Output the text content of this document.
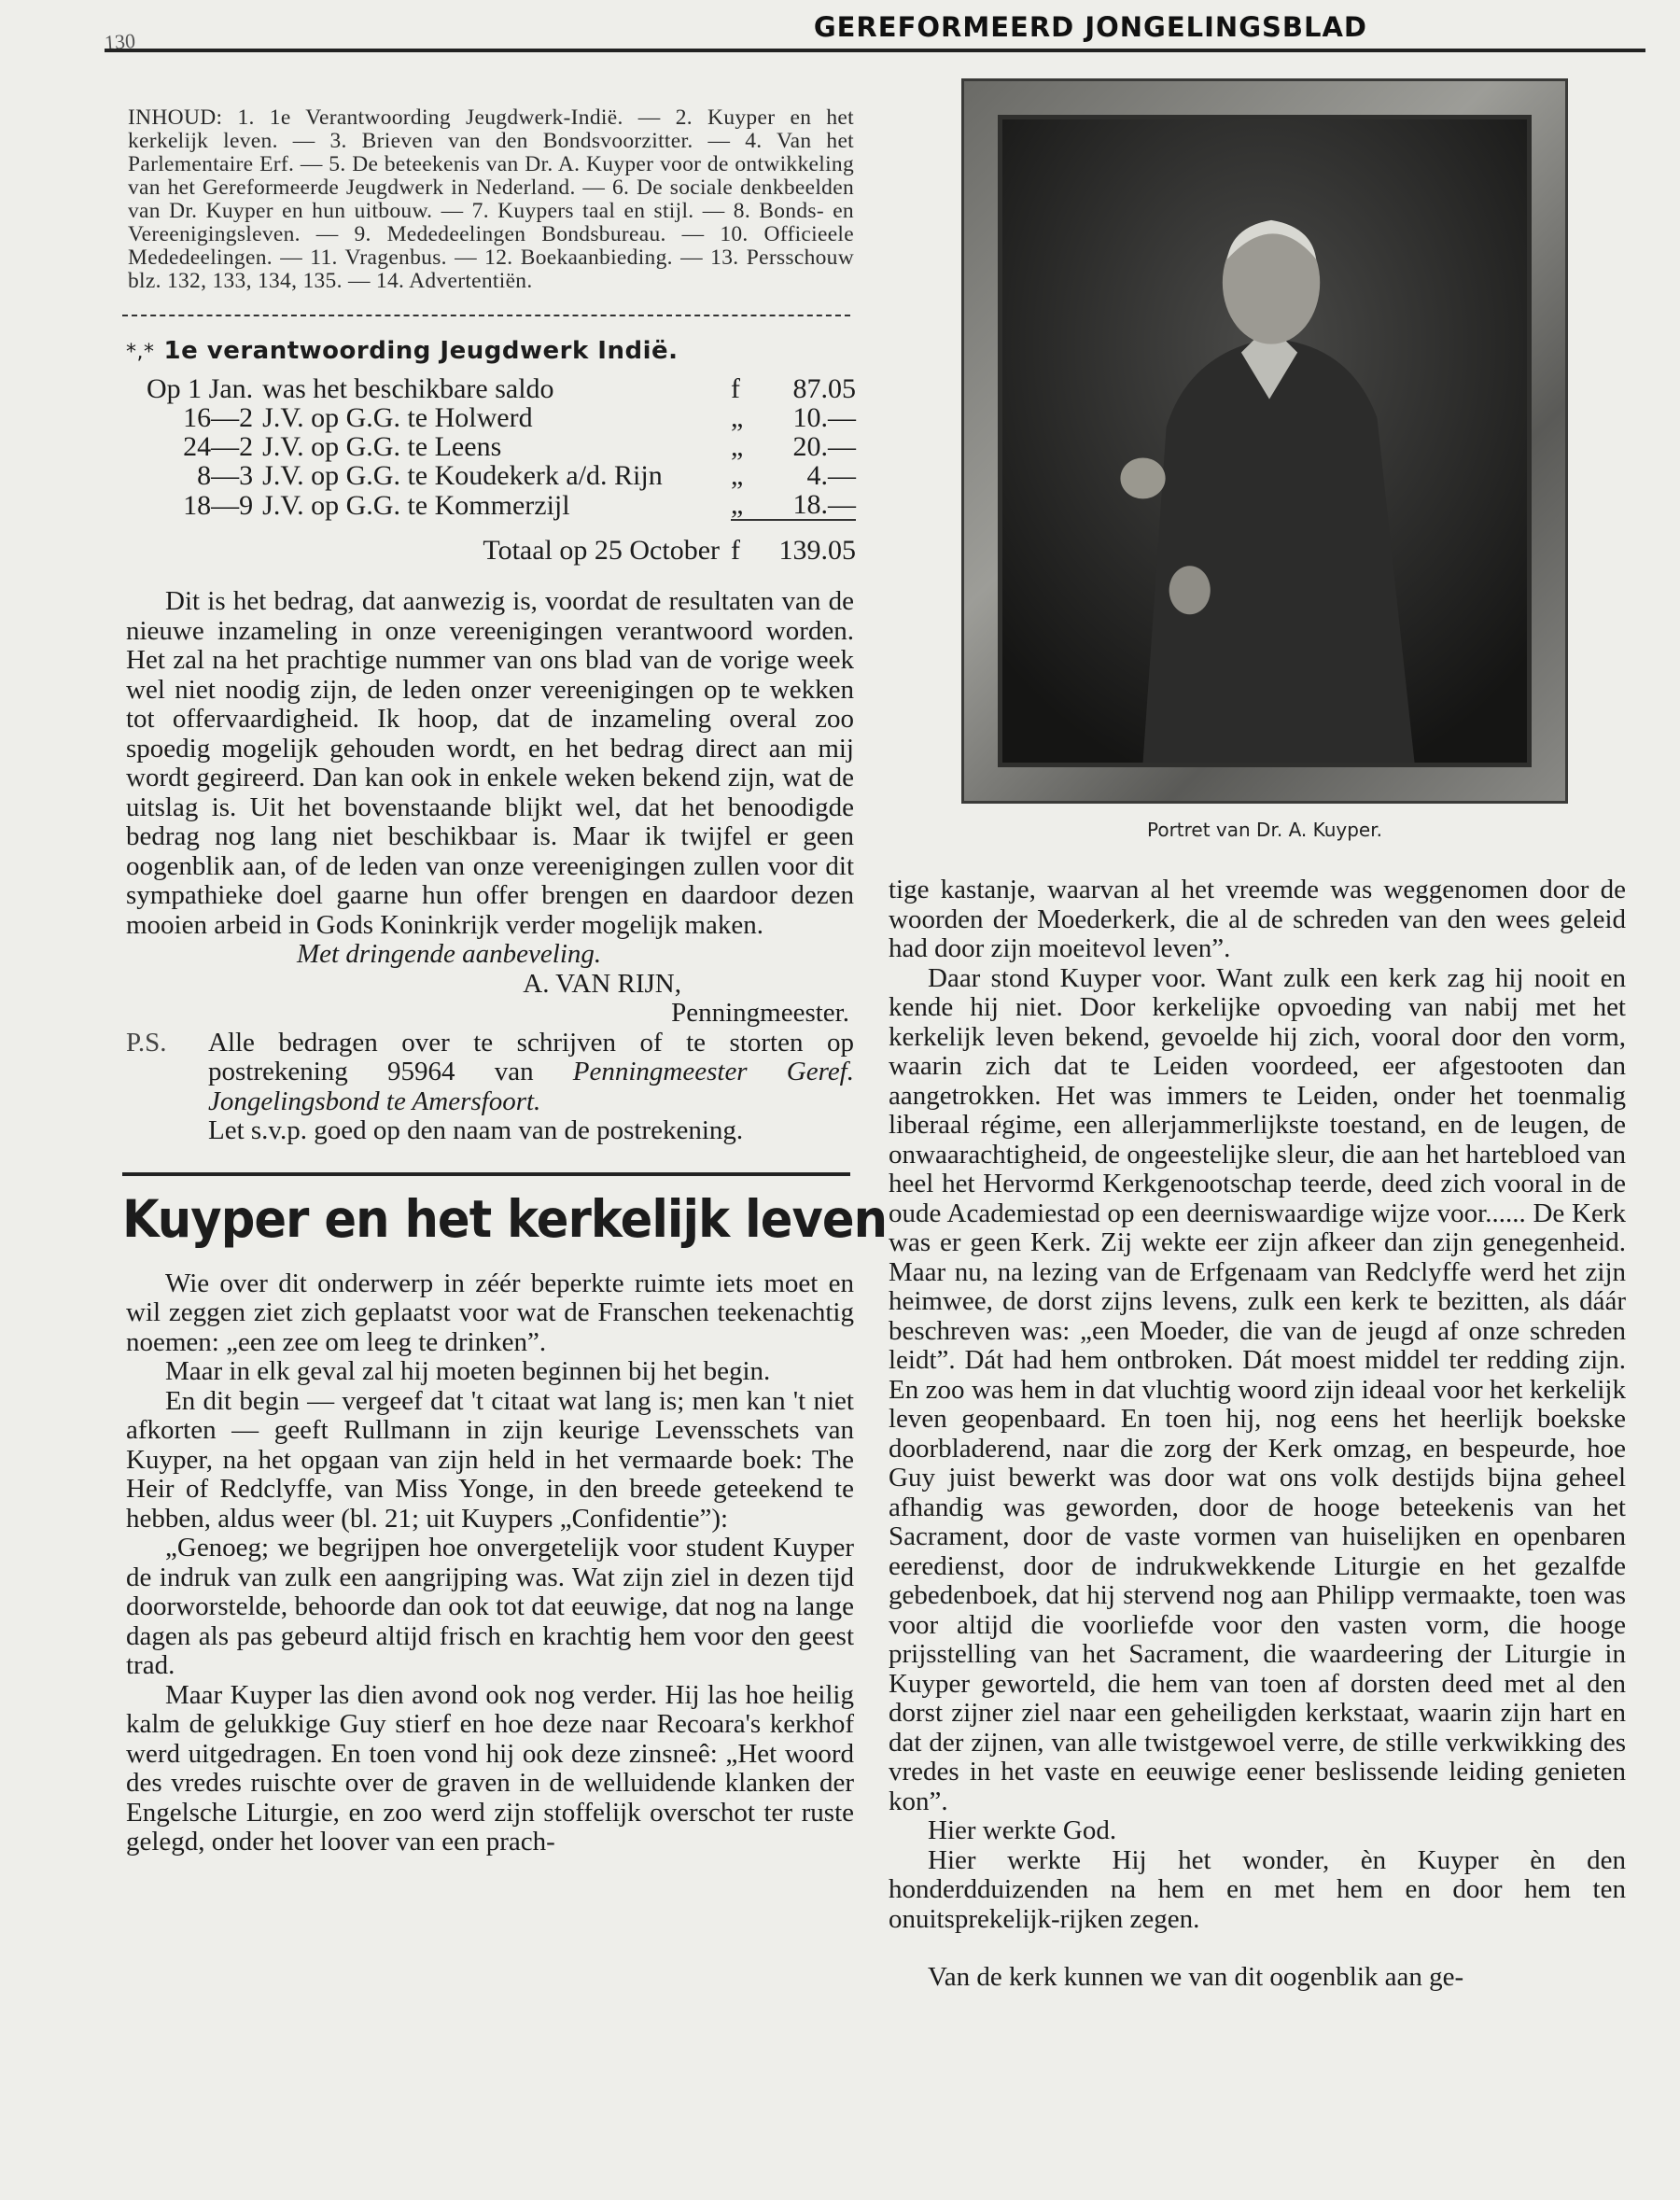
130	GEREFORMEERD JONGELINGSBLAD

INHOUD: 1. 1e Verantwoording Jeugdwerk-Indië. — 2. Kuyper en het kerkelijk leven. — 3. Brieven van den Bondsvoorzitter. — 4. Van het Parlementaire Erf. — 5. De beteekenis van Dr. A. Kuyper voor de ontwikkeling van het Gereformeerde Jeugdwerk in Nederland. — 6. De sociale denkbeelden van Dr. Kuyper en hun uitbouw. — 7. Kuypers taal en stijl. — 8. Bonds- en Vereenigingsleven. — 9. Mededeelingen Bondsbureau. — 10. Officieele Mededeelingen. — 11. Vragenbus. — 12. Boekaanbieding. — 13. Persschouw blz. 132, 133, 134, 135. — 14. Advertentiën.

*,* 1e verantwoording Jeugdwerk Indië.
Op 1 Jan.	was het beschikbare saldo	f	87.05
16—2	J.V. op G.G. te Holwerd	„	10.—
24—2	J.V. op G.G. te Leens	„	20.—
8—3	J.V. op G.G. te Koudekerk a/d. Rijn	„	4.—
18—9	J.V. op G.G. te Kommerzijl	„	18.—
Totaal op 25 October		f	139.05

Dit is het bedrag, dat aanwezig is, voordat de resultaten van de nieuwe inzameling in onze vereenigingen verantwoord worden. Het zal na het prachtige nummer van ons blad van de vorige week wel niet noodig zijn, de leden onzer vereenigingen op te wekken tot offervaardigheid. Ik hoop, dat de inzameling overal zoo spoedig mogelijk gehouden wordt, en het bedrag direct aan mij wordt gegireerd. Dan kan ook in enkele weken bekend zijn, wat de uitslag is. Uit het bovenstaande blijkt wel, dat het benoodigde bedrag nog lang niet beschikbaar is. Maar ik twijfel er geen oogenblik aan, of de leden van onze vereenigingen zullen voor dit sympathieke doel gaarne hun offer brengen en daardoor dezen mooien arbeid in Gods Koninkrijk verder mogelijk maken.

Met dringende aanbeveling.

A. VAN RIJN,

Penningmeester.

P.S.	Alle bedragen over te schrijven of te storten op postrekening 95964 van Penningmeester Geref. Jongelingsbond te Amersfoort.
Let s.v.p. goed op den naam van de postrekening.
Kuyper en het kerkelijk leven

Wie over dit onderwerp in zéér beperkte ruimte iets moet en wil zeggen ziet zich geplaatst voor wat de Franschen teekenachtig noemen: „een zee om leeg te drinken”.

Maar in elk geval zal hij moeten beginnen bij het begin.

En dit begin — vergeef dat 't citaat wat lang is; men kan 't niet afkorten — geeft Rullmann in zijn keurige Levensschets van Kuyper, na het opgaan van zijn held in het vermaarde boek: The Heir of Redclyffe, van Miss Yonge, in den breede geteekend te hebben, aldus weer (bl. 21; uit Kuypers „Confidentie”):

„Genoeg; we begrijpen hoe onvergetelijk voor student Kuyper de indruk van zulk een aangrijping was. Wat zijn ziel in dezen tijd doorworstelde, behoorde dan ook tot dat eeuwige, dat nog na lange dagen als pas gebeurd altijd frisch en krachtig hem voor den geest trad.

Maar Kuyper las dien avond ook nog verder. Hij las hoe heilig kalm de gelukkige Guy stierf en hoe deze naar Recoara's kerkhof werd uitgedragen. En toen vond hij ook deze zinsneê: „Het woord des vredes ruischte over de graven in de welluidende klanken der Engelsche Liturgie, en zoo werd zijn stoffelijk overschot ter ruste gelegd, onder het loover van een prach-

Portret van Dr. A. Kuyper.

tige kastanje, waarvan al het vreemde was weggenomen door de woorden der Moederkerk, die al de schreden van den wees geleid had door zijn moeitevol leven”.

Daar stond Kuyper voor. Want zulk een kerk zag hij nooit en kende hij niet. Door kerkelijke opvoeding van nabij met het kerkelijk leven bekend, gevoelde hij zich, vooral door den vorm, waarin zich dat te Leiden voordeed, eer afgestooten dan aangetrokken. Het was immers te Leiden, onder het toenmalig liberaal régime, een allerjammerlijkste toestand, en de leugen, de onwaarachtigheid, de ongeestelijke sleur, die aan het hartebloed van heel het Hervormd Kerkgenootschap teerde, deed zich vooral in de oude Academiestad op een deerniswaardige wijze voor...... De Kerk was er geen Kerk. Zij wekte eer zijn afkeer dan zijn genegenheid. Maar nu, na lezing van de Erfgenaam van Redclyffe werd het zijn heimwee, de dorst zijns levens, zulk een kerk te bezitten, als dáár beschreven was: „een Moeder, die van de jeugd af onze schreden leidt”. Dát had hem ontbroken. Dát moest middel ter redding zijn. En zoo was hem in dat vluchtig woord zijn ideaal voor het kerkelijk leven geopenbaard. En toen hij, nog eens het heerlijk boekske doorbladerend, naar die zorg der Kerk omzag, en bespeurde, hoe Guy juist bewerkt was door wat ons volk destijds bijna geheel afhandig was geworden, door de hooge beteekenis van het Sacrament, door de vaste vormen van huiselijken en openbaren eeredienst, door de indrukwekkende Liturgie en het gezalfde gebedenboek, dat hij stervend nog aan Philipp vermaakte, toen was voor altijd die voorliefde voor den vasten vorm, die hooge prijsstelling van het Sacrament, die waardeering der Liturgie in Kuyper geworteld, die hem van toen af dorsten deed met al den dorst zijner ziel naar een geheiligden kerkstaat, waarin zijn hart en dat der zijnen, van alle twistgewoel verre, de stille verkwikking des vredes in het vaste en eeuwige eener beslissende leiding genieten kon”.

Hier werkte God.

Hier werkte Hij het wonder, èn Kuyper èn den honderdduizenden na hem en met hem en door hem ten onuitsprekelijk-rijken zegen.

Van de kerk kunnen we van dit oogenblik aan ge-
